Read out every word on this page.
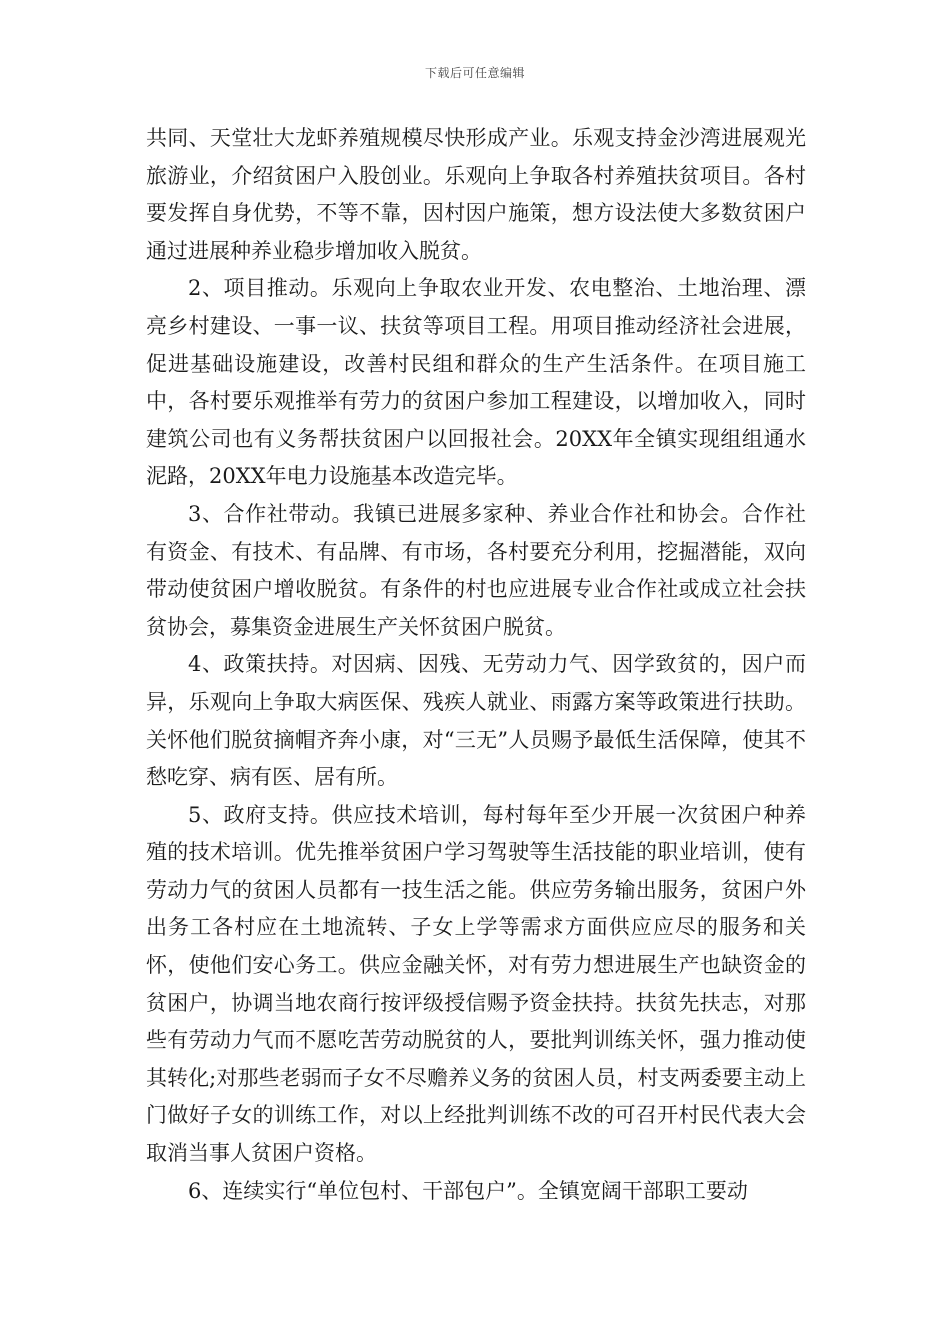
下载后可任意编辑

共同、天堂壮大龙虾养殖规模尽快形成产业。乐观支持金沙湾进展观光旅游业，介绍贫困户入股创业。乐观向上争取各村养殖扶贫项目。各村要发挥自身优势，不等不靠，因村因户施策，想方设法使大多数贫困户通过进展种养业稳步增加收入脱贫。

2、项目推动。乐观向上争取农业开发、农电整治、土地治理、漂亮乡村建设、一事一议、扶贫等项目工程。用项目推动经济社会进展，促进基础设施建设，改善村民组和群众的生产生活条件。在项目施工中，各村要乐观推举有劳力的贫困户参加工程建设，以增加收入，同时建筑公司也有义务帮扶贫困户以回报社会。20XX年全镇实现组组通水泥路，20XX年电力设施基本改造完毕。

3、合作社带动。我镇已进展多家种、养业合作社和协会。合作社有资金、有技术、有品牌、有市场，各村要充分利用，挖掘潜能，双向带动使贫困户增收脱贫。有条件的村也应进展专业合作社或成立社会扶贫协会，募集资金进展生产关怀贫困户脱贫。

4、政策扶持。对因病、因残、无劳动力气、因学致贫的，因户而异，乐观向上争取大病医保、残疾人就业、雨露方案等政策进行扶助。关怀他们脱贫摘帽齐奔小康，对“三无”人员赐予最低生活保障，使其不愁吃穿、病有医、居有所。

5、政府支持。供应技术培训，每村每年至少开展一次贫困户种养殖的技术培训。优先推举贫困户学习驾驶等生活技能的职业培训，使有劳动力气的贫困人员都有一技生活之能。供应劳务输出服务，贫困户外出务工各村应在土地流转、子女上学等需求方面供应应尽的服务和关怀，使他们安心务工。供应金融关怀，对有劳力想进展生产也缺资金的贫困户，协调当地农商行按评级授信赐予资金扶持。扶贫先扶志，对那些有劳动力气而不愿吃苦劳动脱贫的人，要批判训练关怀，强力推动使其转化;对那些老弱而子女不尽赡养义务的贫困人员，村支两委要主动上门做好子女的训练工作，对以上经批判训练不改的可召开村民代表大会取消当事人贫困户资格。

6、连续实行“单位包村、干部包户”。全镇宽阔干部职工要动
